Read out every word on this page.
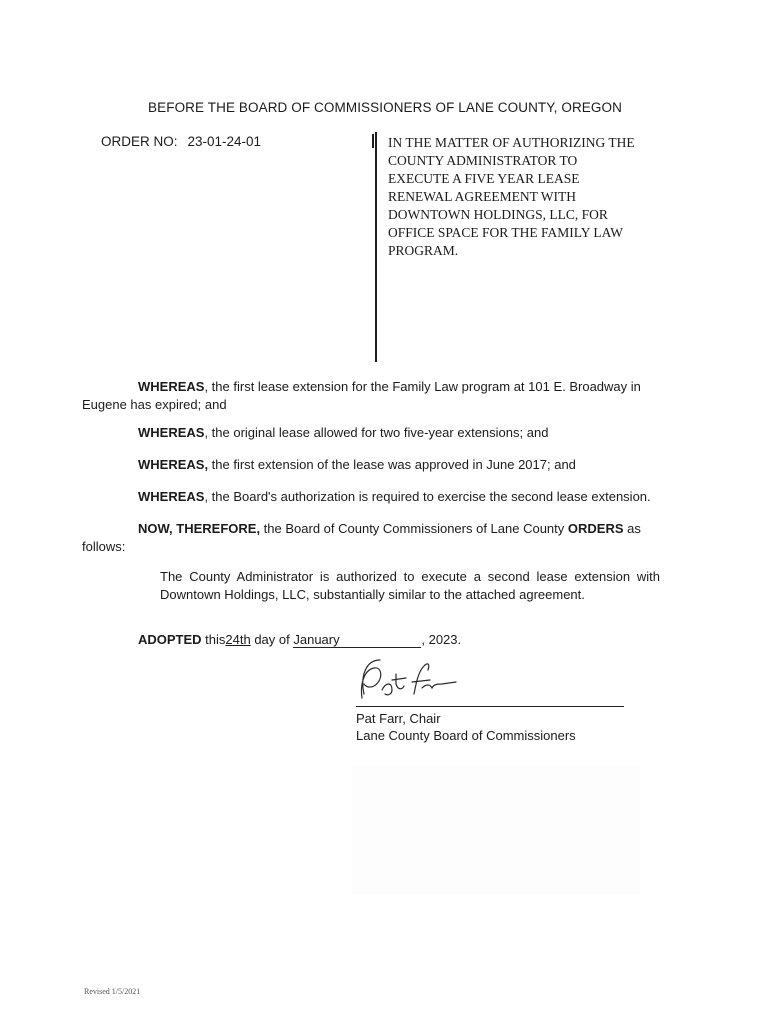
BEFORE THE BOARD OF COMMISSIONERS OF LANE COUNTY, OREGON
ORDER NO: 23-01-24-01	IN THE MATTER OF AUTHORIZING THE
COUNTY ADMINISTRATOR TO
EXECUTE A FIVE YEAR LEASE
RENEWAL AGREEMENT WITH
DOWNTOWN HOLDINGS, LLC, FOR
OFFICE SPACE FOR THE FAMILY LAW
PROGRAM.
WHEREAS, the first lease extension for the Family Law program at 101 E. Broadway in Eugene has expired; and
WHEREAS, the original lease allowed for two five-year extensions; and
WHEREAS, the first extension of the lease was approved in June 2017; and
WHEREAS, the Board's authorization is required to exercise the second lease extension.
NOW, THEREFORE, the Board of County Commissioners of Lane County ORDERS as follows:
The County Administrator is authorized to execute a second lease extension with Downtown Holdings, LLC, substantially similar to the attached agreement.
ADOPTED this24th day of January	, 2023.
Pat Farr, Chair
Lane County Board of Commissioners
Revised 1/5/2021
